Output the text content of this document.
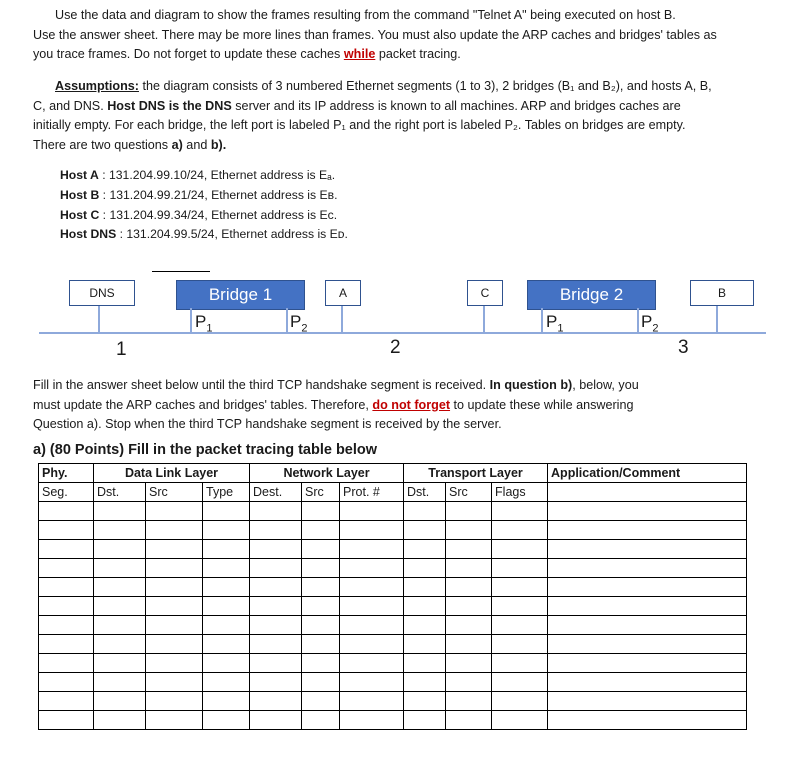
Use the data and diagram to show the frames resulting from the command "Telnet A" being executed on host B.
Use the answer sheet. There may be more lines than frames. You must also update the ARP caches and bridges' tables as
you trace frames. Do not forget to update these caches while packet tracing.
Assumptions: the diagram consists of 3 numbered Ethernet segments (1 to 3), 2 bridges (B₁ and B₂), and hosts A, B,
C, and DNS. Host DNS is the DNS server and its IP address is known to all machines. ARP and bridges caches are
initially empty. For each bridge, the left port is labeled P₁ and the right port is labeled P₂. Tables on bridges are empty.
There are two questions a) and b).
Host A : 131.204.99.10/24, Ethernet address is Eₐ.
Host B : 131.204.99.21/24, Ethernet address is Eʙ.
Host C : 131.204.99.34/24, Ethernet address is Ec.
Host DNS : 131.204.99.5/24, Ethernet address is Eᴅ.
DNS	Bridge 1
$P_1$	$P_2$
A	C	Bridge 2
$P_1$	$P_2$
B
1	2	3
Fill in the answer sheet below until the third TCP handshake segment is received. In question b), below, you
must update the ARP caches and bridges' tables. Therefore, do not forget to update these while answering
Question a). Stop when the third TCP handshake segment is received by the server.
a) (80 Points) Fill in the packet tracing table below
Phy.	Data Link Layer			Network Layer			Transport Layer			Application/Comment
Seg.	Dst.	Src	Type	Dest.	Src	Prot. #	Dst.	Src	Flags	
